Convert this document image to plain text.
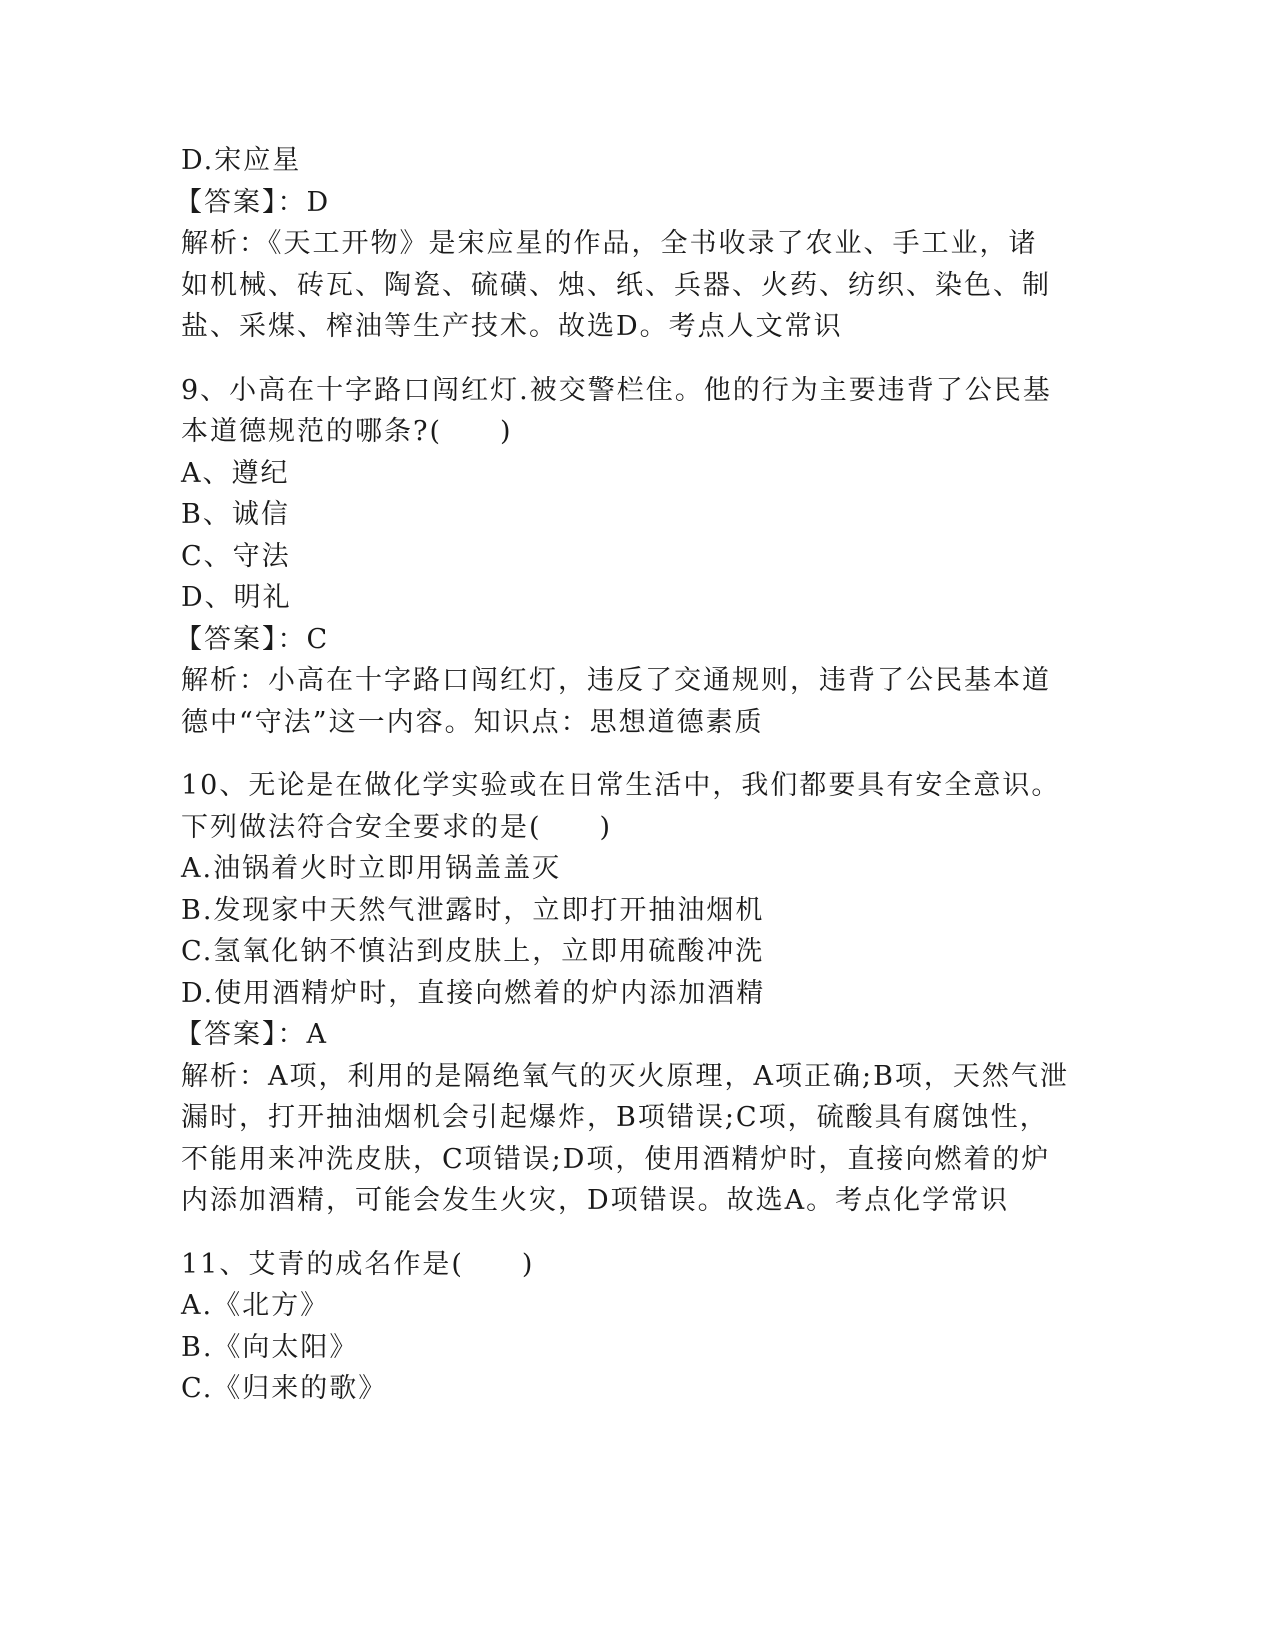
D.宋应星
【答案】：D
解析：《天工开物》是宋应星的作品，全书收录了农业、手工业，诸
如机械、砖瓦、陶瓷、硫磺、烛、纸、兵器、火药、纺织、染色、制
盐、采煤、榨油等生产技术。故选D。考点人文常识
9、小高在十字路口闯红灯.被交警栏住。他的行为主要违背了公民基
本道德规范的哪条?(　　)
A、遵纪
B、诚信
C、守法
D、明礼
【答案】：C
解析：小高在十字路口闯红灯，违反了交通规则，违背了公民基本道
德中“守法”这一内容。知识点：思想道德素质
10、无论是在做化学实验或在日常生活中，我们都要具有安全意识。
下列做法符合安全要求的是(　　)
A.油锅着火时立即用锅盖盖灭
B.发现家中天然气泄露时，立即打开抽油烟机
C.氢氧化钠不慎沾到皮肤上，立即用硫酸冲洗
D.使用酒精炉时，直接向燃着的炉内添加酒精
【答案】：A
解析：A项，利用的是隔绝氧气的灭火原理，A项正确;B项，天然气泄
漏时，打开抽油烟机会引起爆炸，B项错误;C项，硫酸具有腐蚀性，
不能用来冲洗皮肤，C项错误;D项，使用酒精炉时，直接向燃着的炉
内添加酒精，可能会发生火灾，D项错误。故选A。考点化学常识
11、艾青的成名作是(　　)
A.《北方》
B.《向太阳》
C.《归来的歌》
